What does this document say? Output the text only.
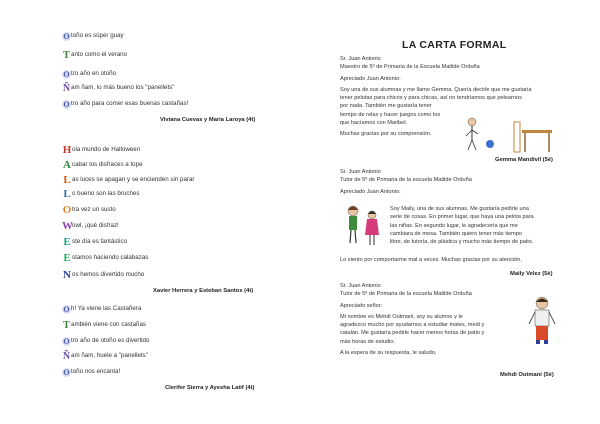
Otoño es súper guay
Tanto como el verano
Otro año en otoño
Ñam ñam, lo más bueno los "panellets"
Otro año para comer esas buenas castañas!
Viviana Cuevas y Maria Laroya (4t)
Hola mundo de Halloween
Acabar los disfraces a tope
Las luces se apagan y se encienden sin parar
Lo bueno son las bruches
Otra vez un susto
Wowl, ¡qué disfraz!
Este día es fantástico
Estamos haciendo calabazas
Nos hemos divertido mucho
Xavier Herrera y Esteban Santos (4t)
Oh! Ya viene las Castañera
También viene con castañas
Otro año de otoño es divertido
Ñam ñam, huele a "panellets"
Otoño nos encanta!
Clerifer Sierra y Ayesha Latif (4t)
LA CARTA FORMAL

Sr. Juan Antonio

Maestro de 5º de Primaria de la Escuela Matilde Orduña

Apreciado Juan Antonio:

Soy una de sus alumnas y me llamo Gemma. Quería decirle que me gustaría

tener pelotas para chicos y para chicas, así no tendríamos que pelearnos

por nada. También me gustaría tener

tiempo de relax y hacer juegos como los

que hacíamos con Maribel.

Muchas gracias por su comprensión.

Gemma Mandivil (5è)

Sr. Juan Antonio

Tutor de 5º de Primaria de la escuela Matilde Orduña

Apreciado Juan Antonio:

Soy Maily, una de sus alumnas. Me gustaría pedirle una

serie de cosas. En primer lugar, que haya una pelota para

las niñas. En segundo lugar, le agradecería que me

cambiara de mesa. También quiero tener más tiempo

libre, de tutoría, de plástica y mucho más tiempo de patio.

Lo siento por comportarme mal a veces. Muchas gracias por su atención,

Maily Velez (5è)

Sr. Juan Antonio

Tutor de 5º de Primaria de la escuela Matilde Orduña

Apreciado señor:

Mi nombre es Mehdi Outmani, soy su alumno y le

agradezco mucho por ayudarnos a estudiar mates, medi y

catalán. Me gustaría pedirle hacer menos horas de patio y

más horas de estudio.

A la espera de su respuesta, le saludo,

Mehdi Outmani (5è)
